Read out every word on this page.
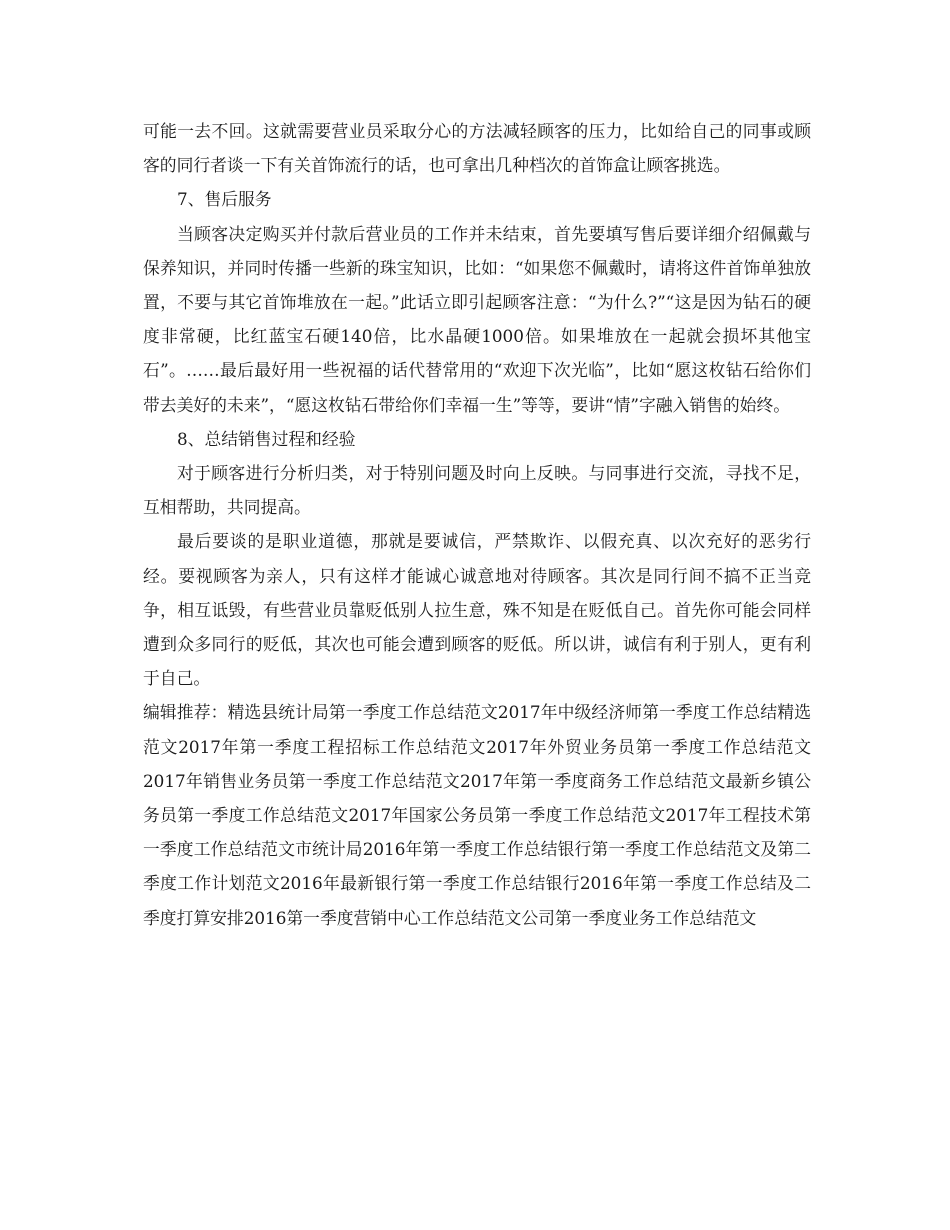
可能一去不回。这就需要营业员采取分心的方法减轻顾客的压力，比如给自己的同事或顾客的同行者谈一下有关首饰流行的话，也可拿出几种档次的首饰盒让顾客挑选。

7、售后服务

当顾客决定购买并付款后营业员的工作并未结束，首先要填写售后要详细介绍佩戴与保养知识，并同时传播一些新的珠宝知识，比如：“如果您不佩戴时，请将这件首饰单独放置，不要与其它首饰堆放在一起。”此话立即引起顾客注意：“为什么?”“这是因为钻石的硬度非常硬，比红蓝宝石硬140倍，比水晶硬1000倍。如果堆放在一起就会损坏其他宝石”。……最后最好用一些祝福的话代替常用的“欢迎下次光临”，比如“愿这枚钻石给你们带去美好的未来”，“愿这枚钻石带给你们幸福一生”等等，要讲“情”字融入销售的始终。

8、总结销售过程和经验

对于顾客进行分析归类，对于特别问题及时向上反映。与同事进行交流，寻找不足，互相帮助，共同提高。

最后要谈的是职业道德，那就是要诚信，严禁欺诈、以假充真、以次充好的恶劣行经。要视顾客为亲人，只有这样才能诚心诚意地对待顾客。其次是同行间不搞不正当竞争，相互诋毁，有些营业员靠贬低别人拉生意，殊不知是在贬低自己。首先你可能会同样遭到众多同行的贬低，其次也可能会遭到顾客的贬低。所以讲，诚信有利于别人，更有利于自己。

编辑推荐：精选县统计局第一季度工作总结范文2017年中级经济师第一季度工作总结精选范文2017年第一季度工程招标工作总结范文2017年外贸业务员第一季度工作总结范文2017年销售业务员第一季度工作总结范文2017年第一季度商务工作总结范文最新乡镇公务员第一季度工作总结范文2017年国家公务员第一季度工作总结范文2017年工程技术第一季度工作总结范文市统计局2016年第一季度工作总结银行第一季度工作总结范文及第二季度工作计划范文2016年最新银行第一季度工作总结银行2016年第一季度工作总结及二季度打算安排2016第一季度营销中心工作总结范文公司第一季度业务工作总结范文
